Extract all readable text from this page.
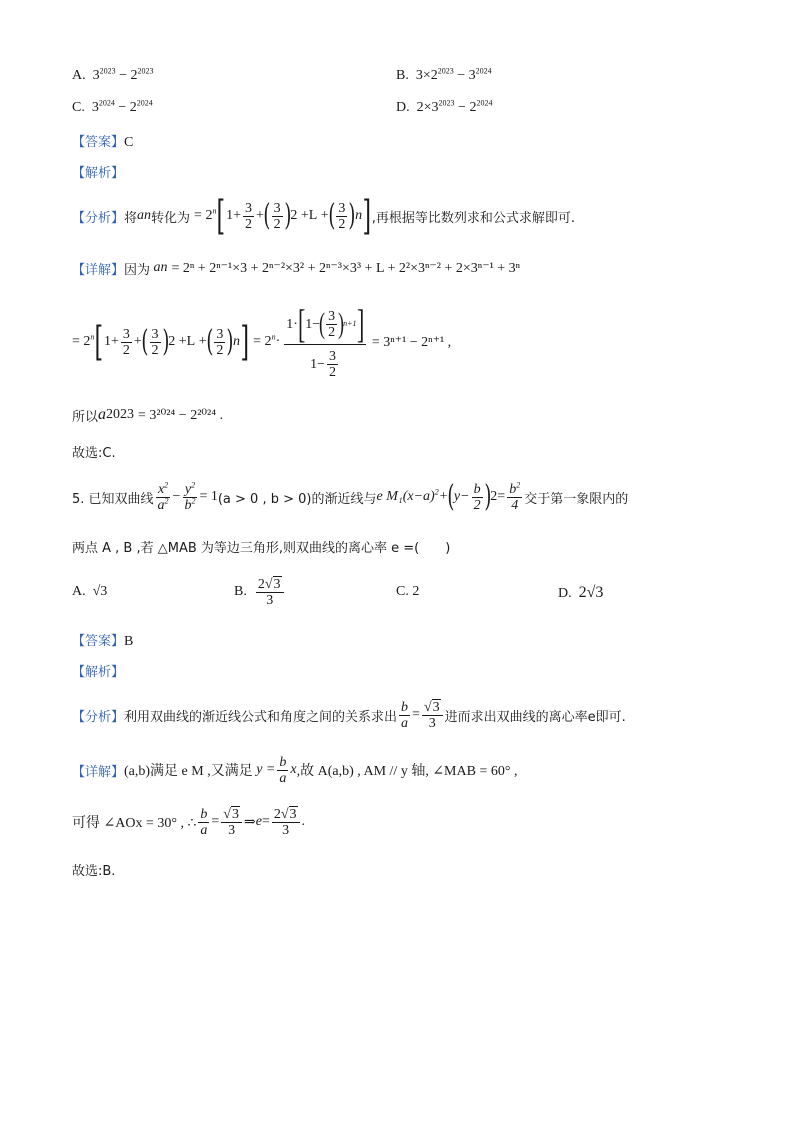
A. $3^{2023} - 2^{2023}$	B. $3\times 2^{2023} - 3^{2024}$
C. $3^{2024} - 2^{2024}$	D. $2\times 3^{2023} - 2^{2024}$
【答案】C
【解析】
【分析】 将 a n 转化为 = $2^n$ [ $1+ \frac{3}{2}$ + ( $\frac{3}{2}$ ) 2 +L + ( $\frac{3}{2}$ ) n ] ,再根据等比数列求和公式求解即可.
【详解】 因为 a n = 2ⁿ + 2ⁿ⁻¹×3 + 2ⁿ⁻²×3² + 2ⁿ⁻³×3³ + L + 2²×3ⁿ⁻² + 2×3ⁿ⁻¹ + 3ⁿ
= $2^n$ [ $1+ \frac{3}{2}$ + ( $\frac{3}{2}$ ) 2 +L + ( $\frac{3}{2}$ ) n ] = $2^n\cdot \frac{1\cdot [ 1- ( \frac{3}{2} ) n+1 ]}{1- \frac{3}{2}} = 3^{n+1} - 2^{n+1}$ ,
所以 a 2023 = 3²⁰²⁴ − 2²⁰²⁴ .
故选:C.
5. 已知双曲线 $\frac{x^2}{a^2} - \frac{y^2}{b^2} = 1$ (a > 0 , b > 0)的渐近线与 e M₁ $(x-a)^2+$ ( $y- \frac{b}{2}$ ) $2 = \frac{b^2}{4}$ 交于第一象限内的
两点 A , B ,若 △MAB 为等边三角形,则双曲线的离心率 e =(　　)
A. √3	B.
$\frac{2√3}{3}$	C. 2	D. 2√3
【答案】B
【解析】
【分析】 利用双曲线的渐近线公式和角度之间的关系求出 $\frac{b}{a} = \frac{√3}{3}$ 进而求出双曲线的离心率e即可.
【详解】 (a,b)满足 e M ,又满足 $y = \frac{b}{a}$ x ,故 A(a,b) , AM // y 轴, ∠MAB = 60° ,
可得 ∠AOx = 30° , ∴ $\frac{b}{a} = \frac{√3}{3}$ ⇒ $e = \frac{2√3}{3}$ .
故选:B.
